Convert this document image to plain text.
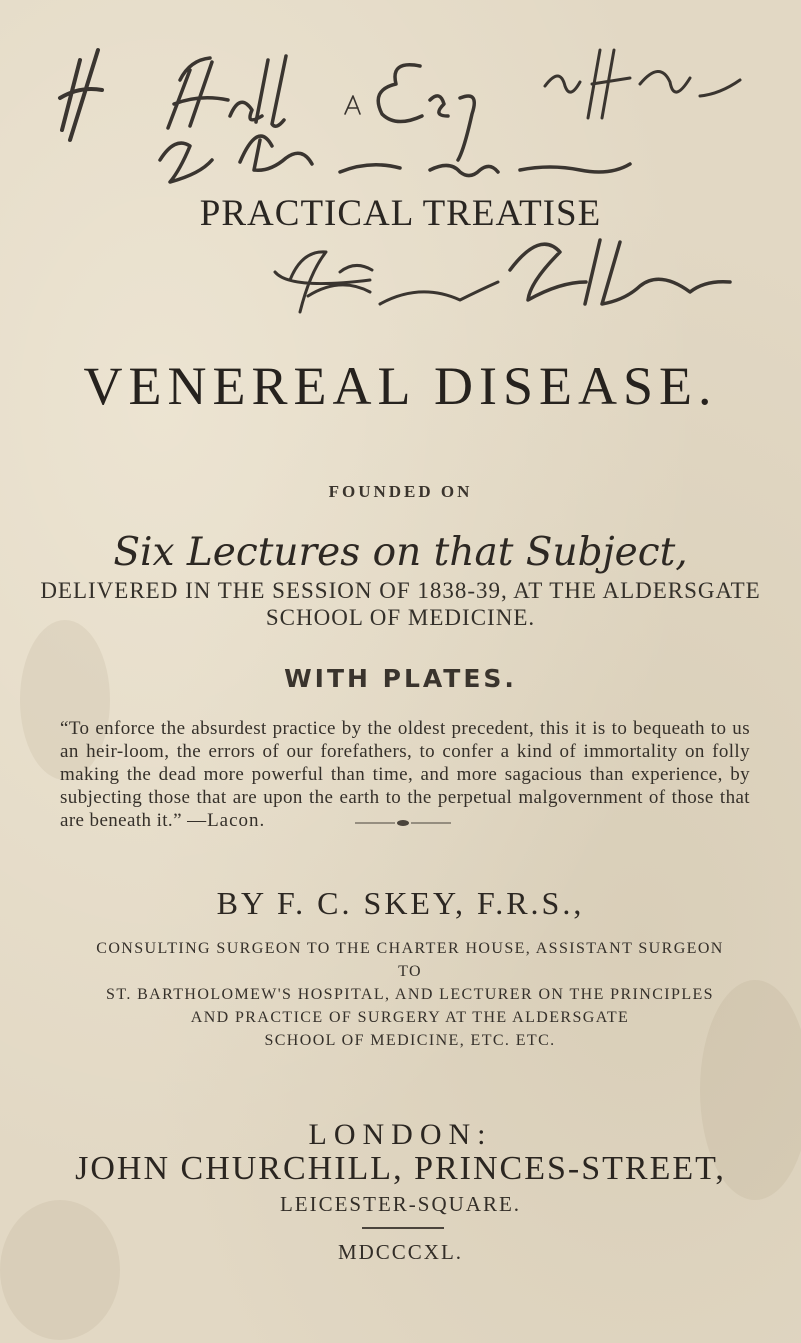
PRACTICAL TREATISE
VENEREAL DISEASE.
FOUNDED ON
Six Lectures on that Subject,
DELIVERED IN THE SESSION OF 1838-39, AT THE ALDERSGATE
SCHOOL OF MEDICINE.
WITH PLATES.
“To enforce the absurdest practice by the oldest precedent, this it is to bequeath to us an heir-loom, the errors of our forefathers, to confer a kind of immortality on folly making the dead more powerful than time, and more sagacious than experience, by subjecting those that are upon the earth to the perpetual malgovernment of those that are beneath it.” —Lacon.
BY F. C. SKEY, F.R.S.,
CONSULTING SURGEON TO THE CHARTER HOUSE, ASSISTANT SURGEON TO
ST. BARTHOLOMEW'S HOSPITAL, AND LECTURER ON THE PRINCIPLES
AND PRACTICE OF SURGERY AT THE ALDERSGATE
SCHOOL OF MEDICINE, ETC. ETC.
LONDON:
JOHN CHURCHILL, PRINCES-STREET,
LEICESTER-SQUARE.
MDCCCXL.
